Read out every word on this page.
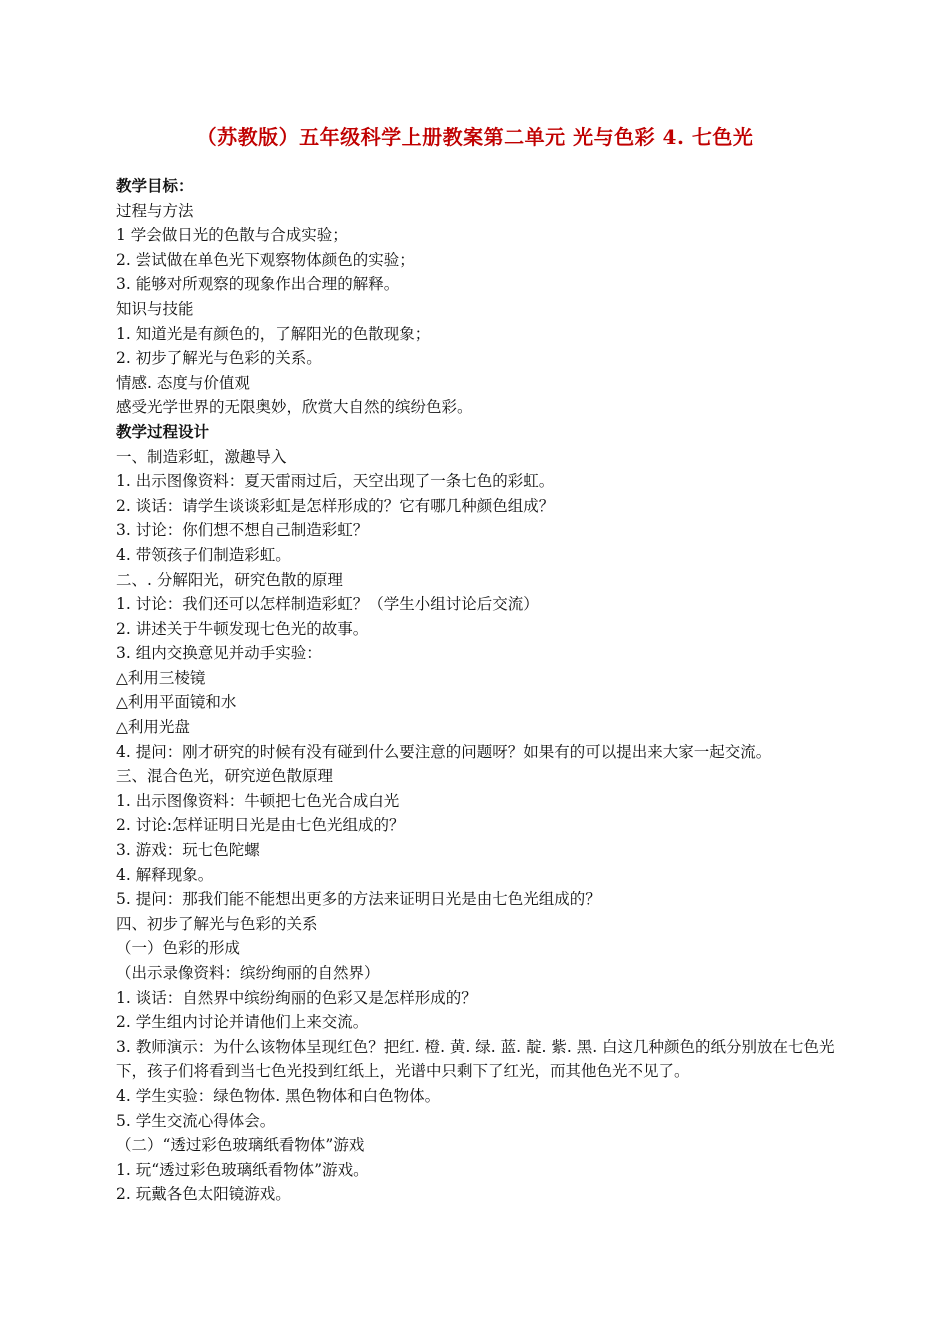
（苏教版）五年级科学上册教案第二单元 光与色彩 4. 七色光
教学目标：
过程与方法
1 学会做日光的色散与合成实验；
2. 尝试做在单色光下观察物体颜色的实验；
3. 能够对所观察的现象作出合理的解释。
知识与技能
1. 知道光是有颜色的，了解阳光的色散现象；
2. 初步了解光与色彩的关系。
情感. 态度与价值观
感受光学世界的无限奥妙，欣赏大自然的缤纷色彩。
教学过程设计
一、制造彩虹，激趣导入
1. 出示图像资料：夏天雷雨过后，天空出现了一条七色的彩虹。
2. 谈话：请学生谈谈彩虹是怎样形成的？它有哪几种颜色组成？
3. 讨论：你们想不想自己制造彩虹？
4. 带领孩子们制造彩虹。
二、. 分解阳光，研究色散的原理
1. 讨论：我们还可以怎样制造彩虹？（学生小组讨论后交流）
2. 讲述关于牛顿发现七色光的故事。
3. 组内交换意见并动手实验：
△利用三棱镜
△利用平面镜和水
△利用光盘
4. 提问：刚才研究的时候有没有碰到什么要注意的问题呀？如果有的可以提出来大家一起交流。
三、混合色光，研究逆色散原理
1. 出示图像资料：牛顿把七色光合成白光
2. 讨论:怎样证明日光是由七色光组成的？
3. 游戏：玩七色陀螺
4. 解释现象。
5. 提问：那我们能不能想出更多的方法来证明日光是由七色光组成的？
四、初步了解光与色彩的关系
（一）色彩的形成
（出示录像资料：缤纷绚丽的自然界）
1. 谈话：自然界中缤纷绚丽的色彩又是怎样形成的？
2. 学生组内讨论并请他们上来交流。
3. 教师演示：为什么该物体呈现红色？把红. 橙. 黄. 绿. 蓝. 靛. 紫. 黑. 白这几种颜色的纸分别放在七色光下，孩子们将看到当七色光投到红纸上，光谱中只剩下了红光，而其他色光不见了。
4. 学生实验：绿色物体. 黑色物体和白色物体。
5. 学生交流心得体会。
（二）“透过彩色玻璃纸看物体”游戏
1. 玩“透过彩色玻璃纸看物体”游戏。
2. 玩戴各色太阳镜游戏。
